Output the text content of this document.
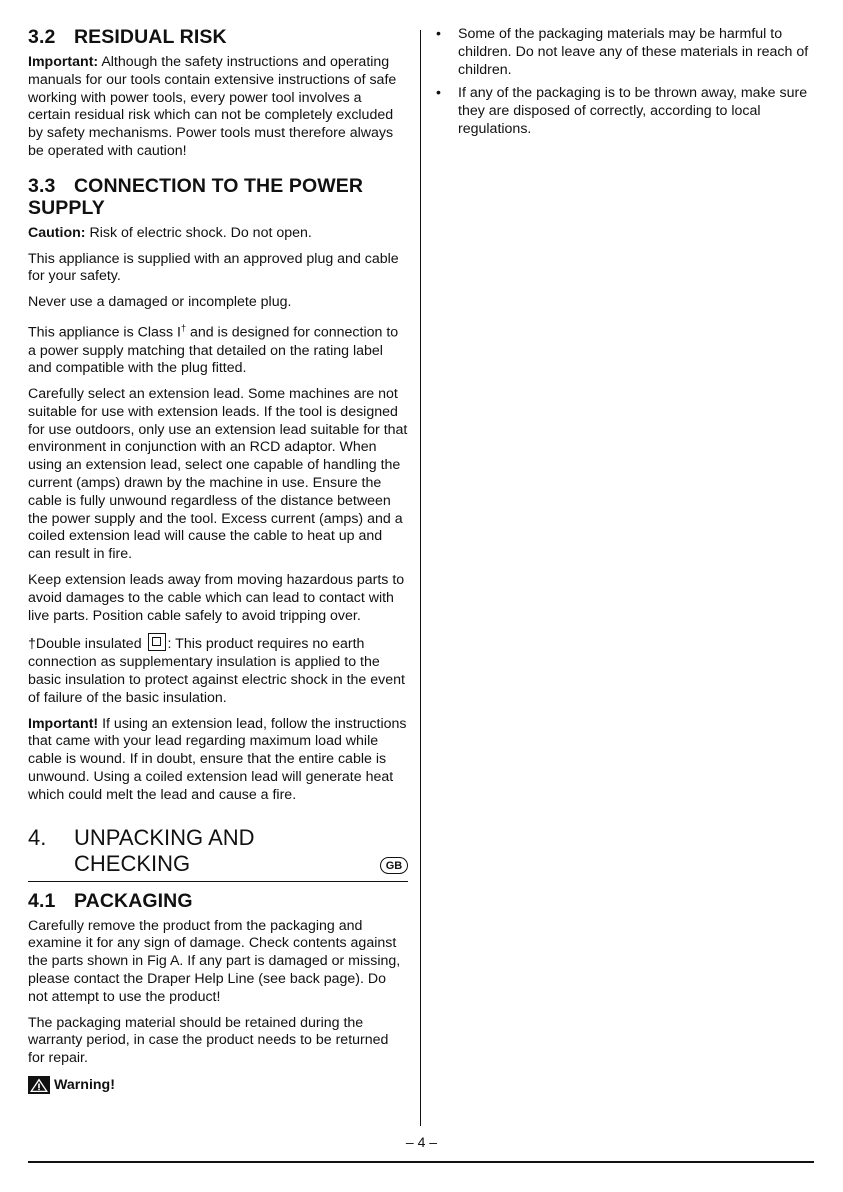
3.2 RESIDUAL RISK

Important: Although the safety instructions and operating manuals for our tools contain extensive instructions of safe working with power tools, every power tool involves a certain residual risk which can not be completely excluded by safety mechanisms. Power tools must therefore always be operated with caution!

3.3 CONNECTION TO THE POWER SUPPLY

Caution: Risk of electric shock. Do not open.

This appliance is supplied with an approved plug and cable for your safety.

Never use a damaged or incomplete plug.

This appliance is Class I† and is designed for connection to a power supply matching that detailed on the rating label and compatible with the plug fitted.

Carefully select an extension lead. Some machines are not suitable for use with extension leads. If the tool is designed for use outdoors, only use an extension lead suitable for that environment in conjunction with an RCD adaptor. When using an extension lead, select one capable of handling the current (amps) drawn by the machine in use. Ensure the cable is fully unwound regardless of the distance between the power supply and the tool. Excess current (amps) and a coiled extension lead will cause the cable to heat up and can result in fire.

Keep extension leads away from moving hazardous parts to avoid damages to the cable which can lead to contact with live parts. Position cable safely to avoid tripping over.

†Double insulated : This product requires no earth connection as supplementary insulation is applied to the basic insulation to protect against electric shock in the event of failure of the basic insulation.

Important! If using an extension lead, follow the instructions that came with your lead regarding maximum load while cable is wound. If in doubt, ensure that the entire cable is unwound. Using a coiled extension lead will generate heat which could melt the lead and cause a fire.

4. UNPACKING AND
CHECKING	GB
4.1 PACKAGING

Carefully remove the product from the packaging and examine it for any sign of damage. Check contents against the parts shown in Fig A. If any part is damaged or missing, please contact the Draper Help Line (see back page). Do not attempt to use the product!

The packaging material should be retained during the warranty period, in case the product needs to be returned for repair.

Warning!
• Some of the packaging materials may be harmful to children. Do not leave any of these materials in reach of children.
• If any of the packaging is to be thrown away, make sure they are disposed of correctly, according to local regulations.
– 4 –
